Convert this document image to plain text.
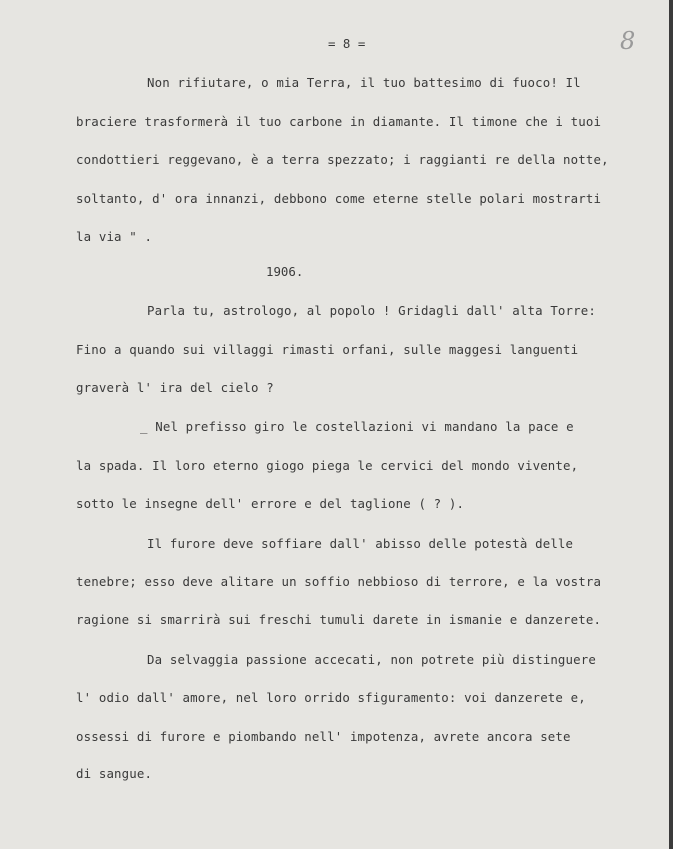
8
= 8 =
Non rifiutare, o mia Terra, il tuo battesimo di fuoco! Il
braciere trasformerà il tuo carbone in diamante. Il timone che i tuoi
condottieri reggevano, è a terra spezzato; i raggianti re della notte,
soltanto, d' ora innanzi, debbono come eterne stelle polari mostrarti
la via " .
1906.
Parla tu, astrologo, al popolo ! Gridagli dall' alta Torre:
Fino a quando sui villaggi rimasti orfani, sulle maggesi languenti
graverà l' ira del cielo ?
_ Nel prefisso giro le costellazioni vi mandano la pace e
la spada. Il loro eterno giogo piega le cervici del mondo vivente,
sotto le insegne dell' errore e del taglione ( ? ).
Il furore deve soffiare dall' abisso delle potestà delle
tenebre; esso deve alitare un soffio nebbioso di terrore, e la vostra
ragione si smarrirà sui freschi tumuli darete in ismanie e danzerete.
Da selvaggia passione accecati, non potrete più distinguere
l' odio dall' amore, nel loro orrido sfiguramento: voi danzerete e,
ossessi di furore e piombando nell' impotenza, avrete ancora sete
di sangue.
